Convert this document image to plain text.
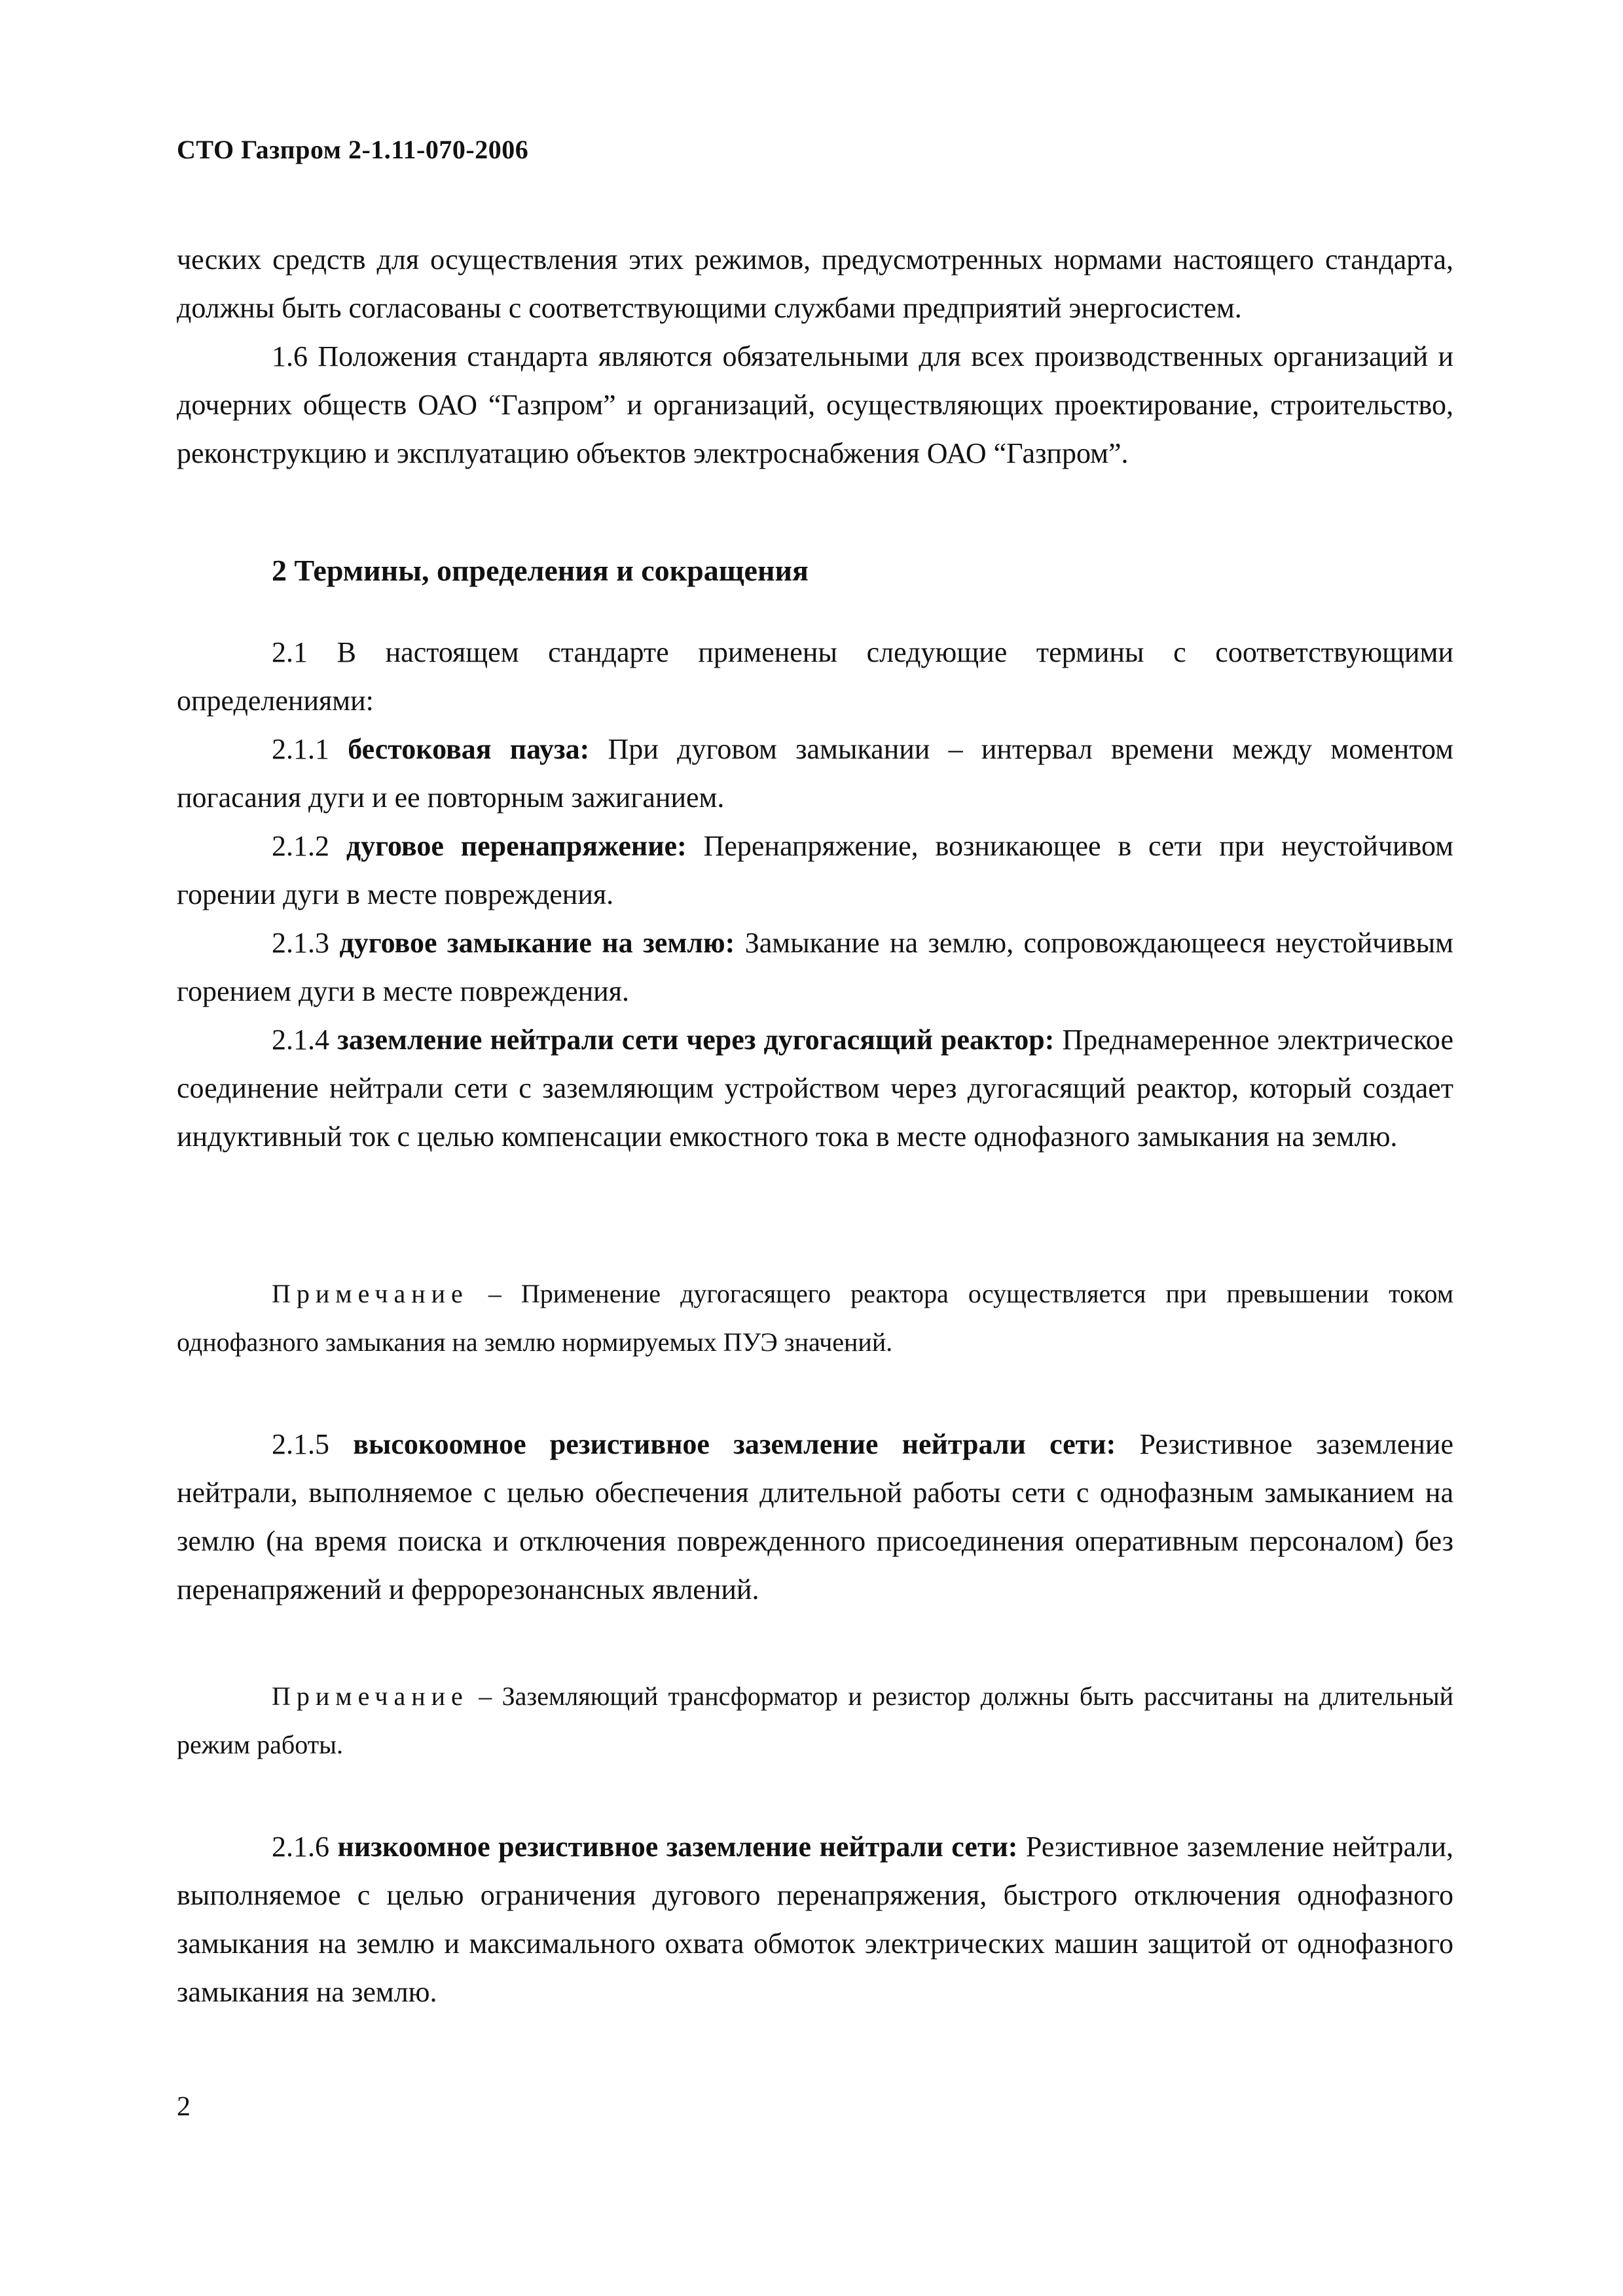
СТО Газпром 2-1.11-070-2006

ческих средств для осуществления этих режимов, предусмотренных нормами настоящего стандарта, должны быть согласованы с соответствующими службами предприятий энергосистем.

1.6 Положения стандарта являются обязательными для всех производственных организаций и дочерних обществ ОАО “Газпром” и организаций, осуществляющих проектирование, строительство, реконструкцию и эксплуатацию объектов электроснабжения ОАО “Газпром”.

2 Термины, определения и сокращения

2.1 В настоящем стандарте применены следующие термины с соответствующими определениями:

2.1.1 бестоковая пауза: При дуговом замыкании – интервал времени между моментом погасания дуги и ее повторным зажиганием.

2.1.2 дуговое перенапряжение: Перенапряжение, возникающее в сети при неустойчивом горении дуги в месте повреждения.

2.1.3 дуговое замыкание на землю: Замыкание на землю, сопровождающееся неустойчивым горением дуги в месте повреждения.

2.1.4 заземление нейтрали сети через дугогасящий реактор: Преднамеренное электрическое соединение нейтрали сети с заземляющим устройством через дугогасящий реактор, который создает индуктивный ток с целью компенсации емкостного тока в месте однофазного замыкания на землю.

Примечание – Применение дугогасящего реактора осуществляется при превышении током однофазного замыкания на землю нормируемых ПУЭ значений.

2.1.5 высокоомное резистивное заземление нейтрали сети: Резистивное заземление нейтрали, выполняемое с целью обеспечения длительной работы сети с однофазным замыканием на землю (на время поиска и отключения поврежденного присоединения оперативным персоналом) без перенапряжений и феррорезонансных явлений.

Примечание – Заземляющий трансформатор и резистор должны быть рассчитаны на длительный режим работы.

2.1.6 низкоомное резистивное заземление нейтрали сети: Резистивное заземление нейтрали, выполняемое с целью ограничения дугового перенапряжения, быстрого отключения однофазного замыкания на землю и максимального охвата обмоток электрических машин защитой от однофазного замыкания на землю.

2
